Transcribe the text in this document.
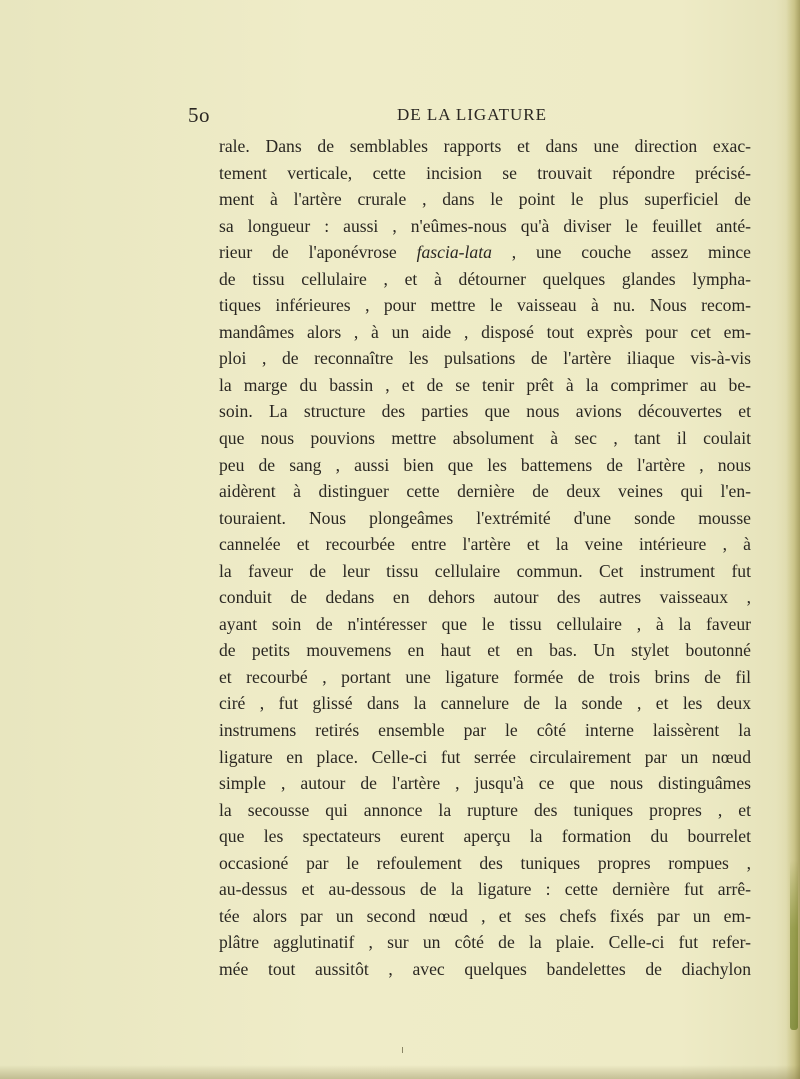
5o	DE LA LIGATURE
rale. Dans de semblables rapports et dans une direction exac-
tement verticale, cette incision se trouvait répondre précisé-
ment à l'artère crurale , dans le point le plus superficiel de
sa longueur : aussi , n'eûmes-nous qu'à diviser le feuillet anté-
rieur de l'aponévrose fascia-lata , une couche assez mince
de tissu cellulaire , et à détourner quelques glandes lympha-
tiques inférieures , pour mettre le vaisseau à nu. Nous recom-
mandâmes alors , à un aide , disposé tout exprès pour cet em-
ploi , de reconnaître les pulsations de l'artère iliaque vis-à-vis
la marge du bassin , et de se tenir prêt à la comprimer au be-
soin. La structure des parties que nous avions découvertes et
que nous pouvions mettre absolument à sec , tant il coulait
peu de sang , aussi bien que les battemens de l'artère , nous
aidèrent à distinguer cette dernière de deux veines qui l'en-
touraient. Nous plongeâmes l'extrémité d'une sonde mousse
cannelée et recourbée entre l'artère et la veine intérieure , à
la faveur de leur tissu cellulaire commun. Cet instrument fut
conduit de dedans en dehors autour des autres vaisseaux ,
ayant soin de n'intéresser que le tissu cellulaire , à la faveur
de petits mouvemens en haut et en bas. Un stylet boutonné
et recourbé , portant une ligature formée de trois brins de fil
ciré , fut glissé dans la cannelure de la sonde , et les deux
instrumens retirés ensemble par le côté interne laissèrent la
ligature en place. Celle-ci fut serrée circulairement par un nœud
simple , autour de l'artère , jusqu'à ce que nous distinguâmes
la secousse qui annonce la rupture des tuniques propres , et
que les spectateurs eurent aperçu la formation du bourrelet
occasioné par le refoulement des tuniques propres rompues ,
au-dessus et au-dessous de la ligature : cette dernière fut arrê-
tée alors par un second nœud , et ses chefs fixés par un em-
plâtre agglutinatif , sur un côté de la plaie. Celle-ci fut refer-
mée tout aussitôt , avec quelques bandelettes de diachylon
